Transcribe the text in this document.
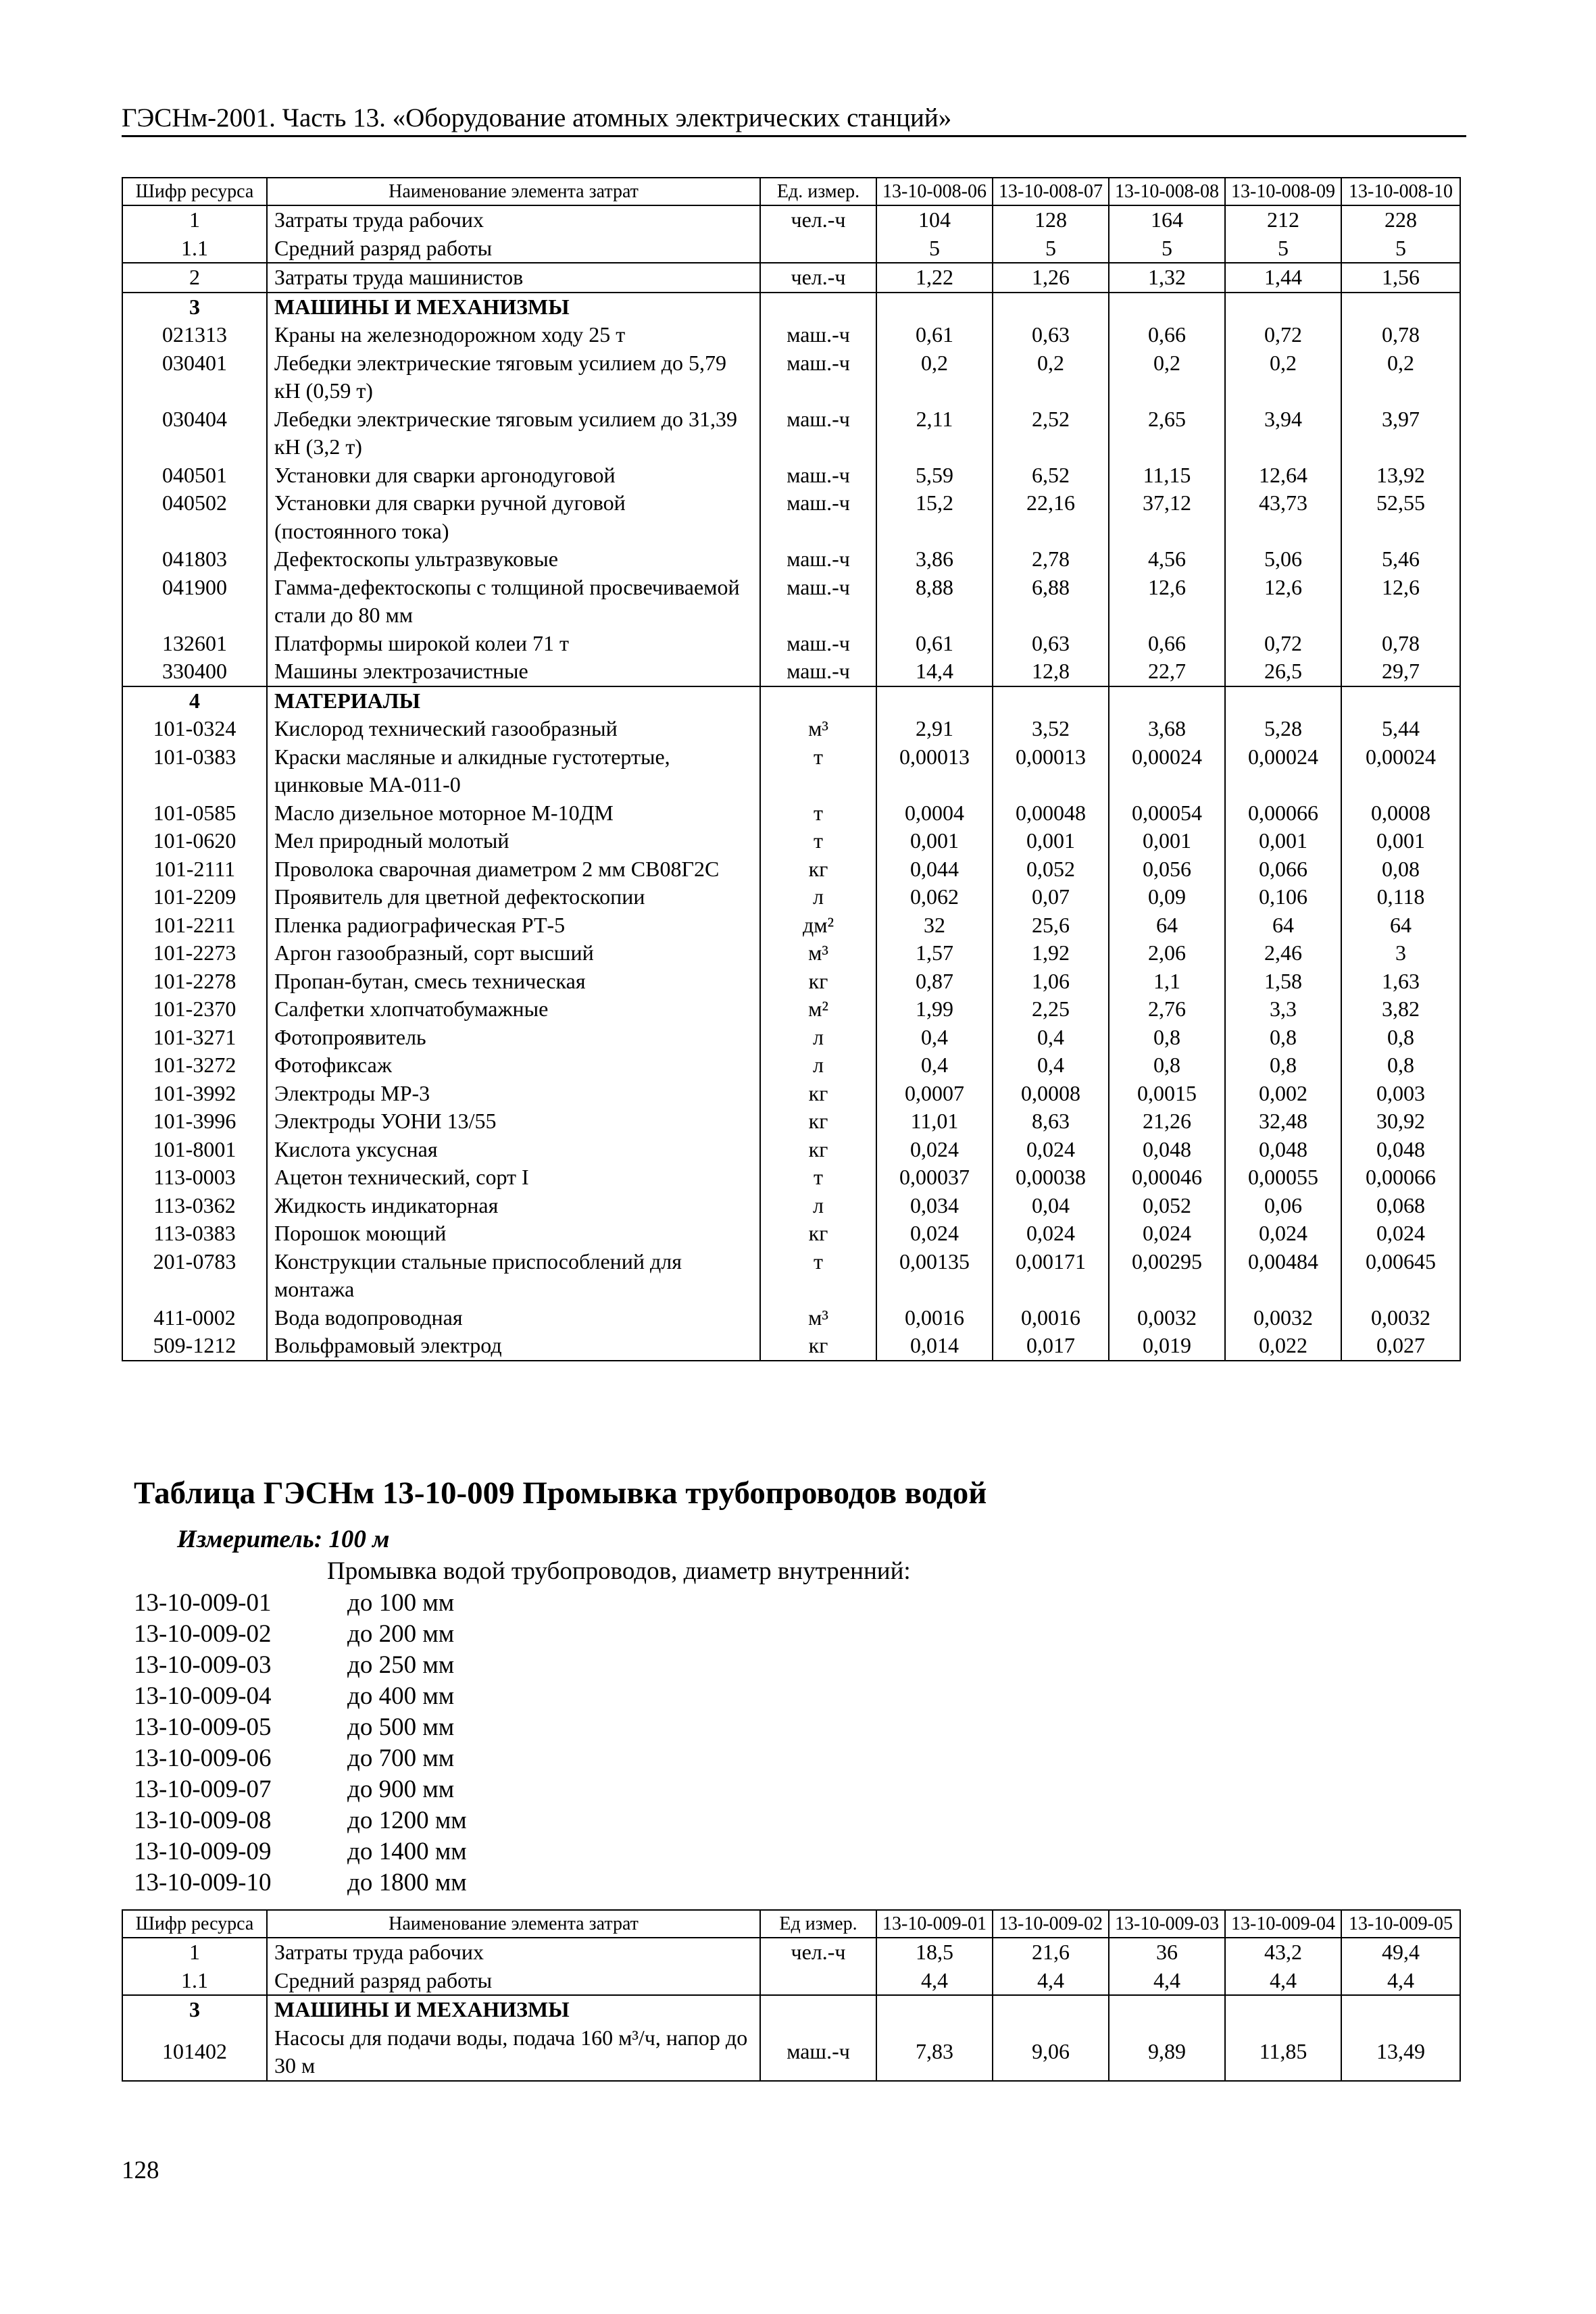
ГЭСНм-2001. Часть 13. «Оборудование атомных электрических станций»
Шифр ресурса	Наименование элемента затрат	Ед. измер.	13-10-008-06	13-10-008-07	13-10-008-08	13-10-008-09	13-10-008-10
1	Затраты труда рабочих	чел.-ч	104	128	164	212	228
1.1	Средний разряд работы		5	5	5	5	5
2	Затраты труда машинистов	чел.-ч	1,22	1,26	1,32	1,44	1,56
3	МАШИНЫ И МЕХАНИЗМЫ						
021313	Краны на железнодорожном ходу 25 т	маш.-ч	0,61	0,63	0,66	0,72	0,78
030401	Лебедки электрические тяговым усилием до 5,79 кН (0,59 т)	маш.-ч	0,2	0,2	0,2	0,2	0,2
030404	Лебедки электрические тяговым усилием до 31,39 кН (3,2 т)	маш.-ч	2,11	2,52	2,65	3,94	3,97
040501	Установки для сварки аргонодуговой	маш.-ч	5,59	6,52	11,15	12,64	13,92
040502	Установки для сварки ручной дуговой (постоянного тока)	маш.-ч	15,2	22,16	37,12	43,73	52,55
041803	Дефектоскопы ультразвуковые	маш.-ч	3,86	2,78	4,56	5,06	5,46
041900	Гамма-дефектоскопы с толщиной просвечиваемой стали до 80 мм	маш.-ч	8,88	6,88	12,6	12,6	12,6
132601	Платформы широкой колеи 71 т	маш.-ч	0,61	0,63	0,66	0,72	0,78
330400	Машины электрозачистные	маш.-ч	14,4	12,8	22,7	26,5	29,7
4	МАТЕРИАЛЫ						
101-0324	Кислород технический газообразный	м³	2,91	3,52	3,68	5,28	5,44
101-0383	Краски масляные и алкидные густотертые, цинковые МА-011-0	т	0,00013	0,00013	0,00024	0,00024	0,00024
101-0585	Масло дизельное моторное М-10ДМ	т	0,0004	0,00048	0,00054	0,00066	0,0008
101-0620	Мел природный молотый	т	0,001	0,001	0,001	0,001	0,001
101-2111	Проволока сварочная диаметром 2 мм СВ08Г2С	кг	0,044	0,052	0,056	0,066	0,08
101-2209	Проявитель для цветной дефектоскопии	л	0,062	0,07	0,09	0,106	0,118
101-2211	Пленка радиографическая РТ-5	дм²	32	25,6	64	64	64
101-2273	Аргон газообразный, сорт высший	м³	1,57	1,92	2,06	2,46	3
101-2278	Пропан-бутан, смесь техническая	кг	0,87	1,06	1,1	1,58	1,63
101-2370	Салфетки хлопчатобумажные	м²	1,99	2,25	2,76	3,3	3,82
101-3271	Фотопроявитель	л	0,4	0,4	0,8	0,8	0,8
101-3272	Фотофиксаж	л	0,4	0,4	0,8	0,8	0,8
101-3992	Электроды МР-3	кг	0,0007	0,0008	0,0015	0,002	0,003
101-3996	Электроды УОНИ 13/55	кг	11,01	8,63	21,26	32,48	30,92
101-8001	Кислота уксусная	кг	0,024	0,024	0,048	0,048	0,048
113-0003	Ацетон технический, сорт I	т	0,00037	0,00038	0,00046	0,00055	0,00066
113-0362	Жидкость индикаторная	л	0,034	0,04	0,052	0,06	0,068
113-0383	Порошок моющий	кг	0,024	0,024	0,024	0,024	0,024
201-0783	Конструкции стальные приспособлений для монтажа	т	0,00135	0,00171	0,00295	0,00484	0,00645
411-0002	Вода водопроводная	м³	0,0016	0,0016	0,0032	0,0032	0,0032
509-1212	Вольфрамовый электрод	кг	0,014	0,017	0,019	0,022	0,027
Таблица ГЭСНм 13-10-009 Промывка трубопроводов водой
Измеритель: 100 м
Промывка водой трубопроводов, диаметр внутренний:
13-10-009-01	до 100 мм
13-10-009-02	до 200 мм
13-10-009-03	до 250 мм
13-10-009-04	до 400 мм
13-10-009-05	до 500 мм
13-10-009-06	до 700 мм
13-10-009-07	до 900 мм
13-10-009-08	до 1200 мм
13-10-009-09	до 1400 мм
13-10-009-10	до 1800 мм
Шифр ресурса	Наименование элемента затрат	Ед измер.	13-10-009-01	13-10-009-02	13-10-009-03	13-10-009-04	13-10-009-05
1	Затраты труда рабочих	чел.-ч	18,5	21,6	36	43,2	49,4
1.1	Средний разряд работы		4,4	4,4	4,4	4,4	4,4
3	МАШИНЫ И МЕХАНИЗМЫ						
101402	Насосы для подачи воды, подача 160 м³/ч, напор до 30 м	маш.-ч	7,83	9,06	9,89	11,85	13,49
128
